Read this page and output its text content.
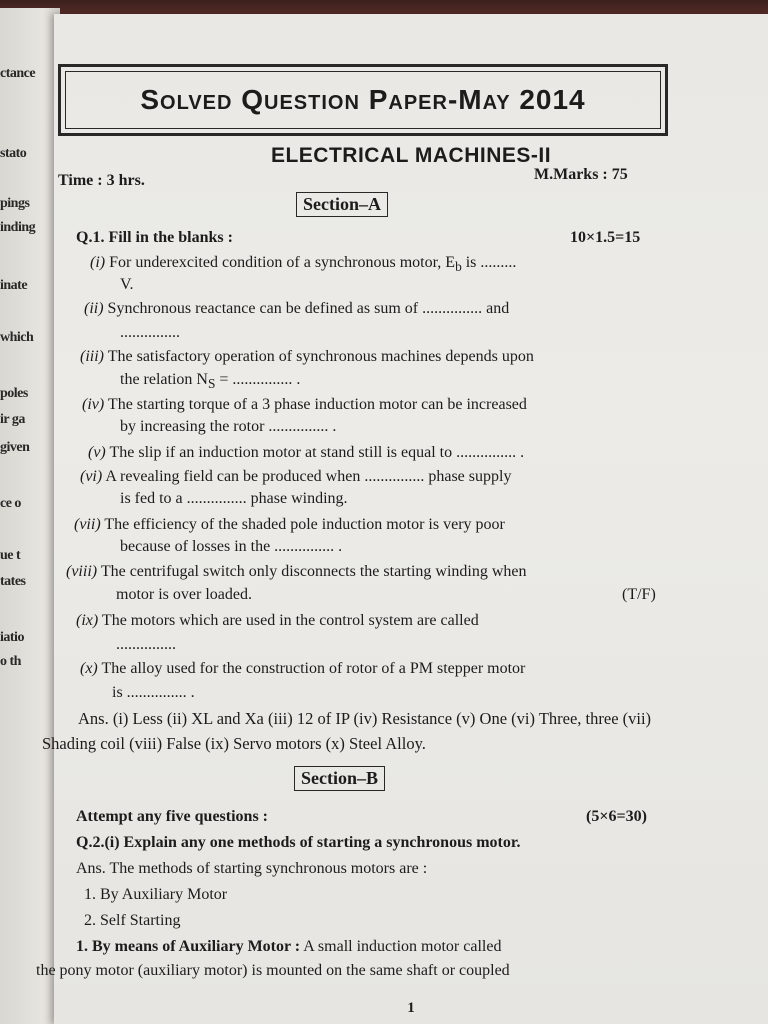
ctance
stato
pings
inding
inate
which
poles
ir ga
given
ce o
ue t
tates
iatio
o th
Solved Question Paper-May 2014
ELECTRICAL MACHINES-II
Time : 3 hrs.	M.Marks : 75
Section–A
Q.1. Fill in the blanks :	10×1.5=15
(i) For underexcited condition of a synchronous motor, $E_b$ is .........
V.
(ii) Synchronous reactance can be defined as sum of ............... and
...............
(iii) The satisfactory operation of synchronous machines depends upon
the relation $N_S$ = ............... .
(iv) The starting torque of a 3 phase induction motor can be increased
by increasing the rotor ............... .
(v) The slip if an induction motor at stand still is equal to ............... .
(vi) A revealing field can be produced when ............... phase supply
is fed to a ............... phase winding.
(vii) The efficiency of the shaded pole induction motor is very poor
because of losses in the ............... .
(viii) The centrifugal switch only disconnects the starting winding when
motor is over loaded.	(T/F)
(ix) The motors which are used in the control system are called
...............
(x) The alloy used for the construction of rotor of a PM stepper motor
is ............... .
Ans. (i) Less (ii) XL and Xa (iii) 12 of IP (iv) Resistance (v) One (vi) Three, three (vii) Shading coil (viii) False (ix) Servo motors (x) Steel Alloy.
Section–B
Attempt any five questions :	(5×6=30)
Q.2.(i) Explain any one methods of starting a synchronous motor.
Ans. The methods of starting synchronous motors are :
1. By Auxiliary Motor
2. Self Starting
1. By means of Auxiliary Motor : A small induction motor called
the pony motor (auxiliary motor) is mounted on the same shaft or coupled
1
